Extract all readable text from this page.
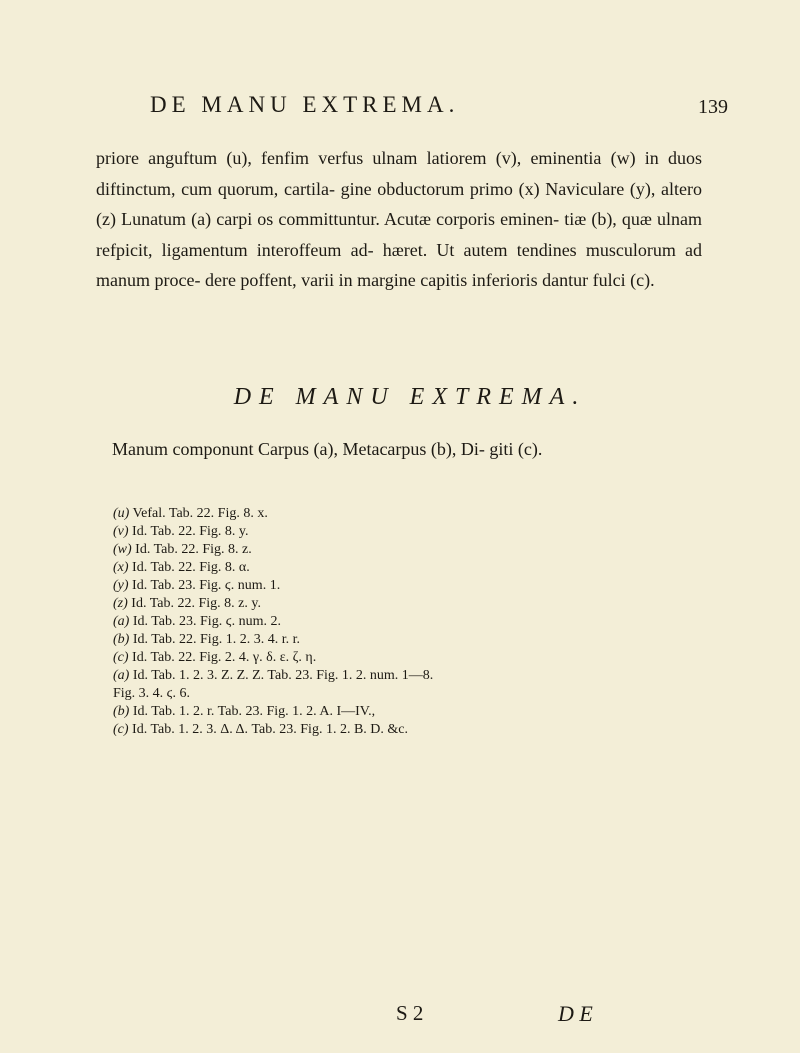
DE MANU EXTREMA.	139
priore anguftum (u), fenfim verfus ulnam latiorem (v), eminentia (w) in duos diftinctum, cum quorum, cartila- gine obductorum primo (x) Naviculare (y), altero (z) Lunatum (a) carpi os committuntur. Acutæ corporis eminen- tiæ (b), quæ ulnam refpicit, ligamentum interoffeum ad- hæret. Ut autem tendines musculorum ad manum proce- dere poffent, varii in margine capitis inferioris dantur fulci (c).
DE MANU EXTREMA.
Manum componunt Carpus (a), Metacarpus (b), Di- giti (c).
(u) Vefal. Tab. 22. Fig. 8. x.
(v) Id. Tab. 22. Fig. 8. y.
(w) Id. Tab. 22. Fig. 8. z.
(x) Id. Tab. 22. Fig. 8. α.
(y) Id. Tab. 23. Fig. ϛ. num. 1.
(z) Id. Tab. 22. Fig. 8. z. y.
(a) Id. Tab. 23. Fig. ϛ. num. 2.
(b) Id. Tab. 22. Fig. 1. 2. 3. 4. r. r.
(c) Id. Tab. 22. Fig. 2. 4. γ. δ. ε. ζ. η.
(a) Id. Tab. 1. 2. 3. Z. Z. Z. Tab. 23. Fig. 1. 2. num. 1—8.
Fig. 3. 4. ϛ. 6.
(b) Id. Tab. 1. 2. r. Tab. 23. Fig. 1. 2. A. I—IV.,
(c) Id. Tab. 1. 2. 3. Δ. Δ. Tab. 23. Fig. 1. 2. B. D. &c.
S 2	D E
